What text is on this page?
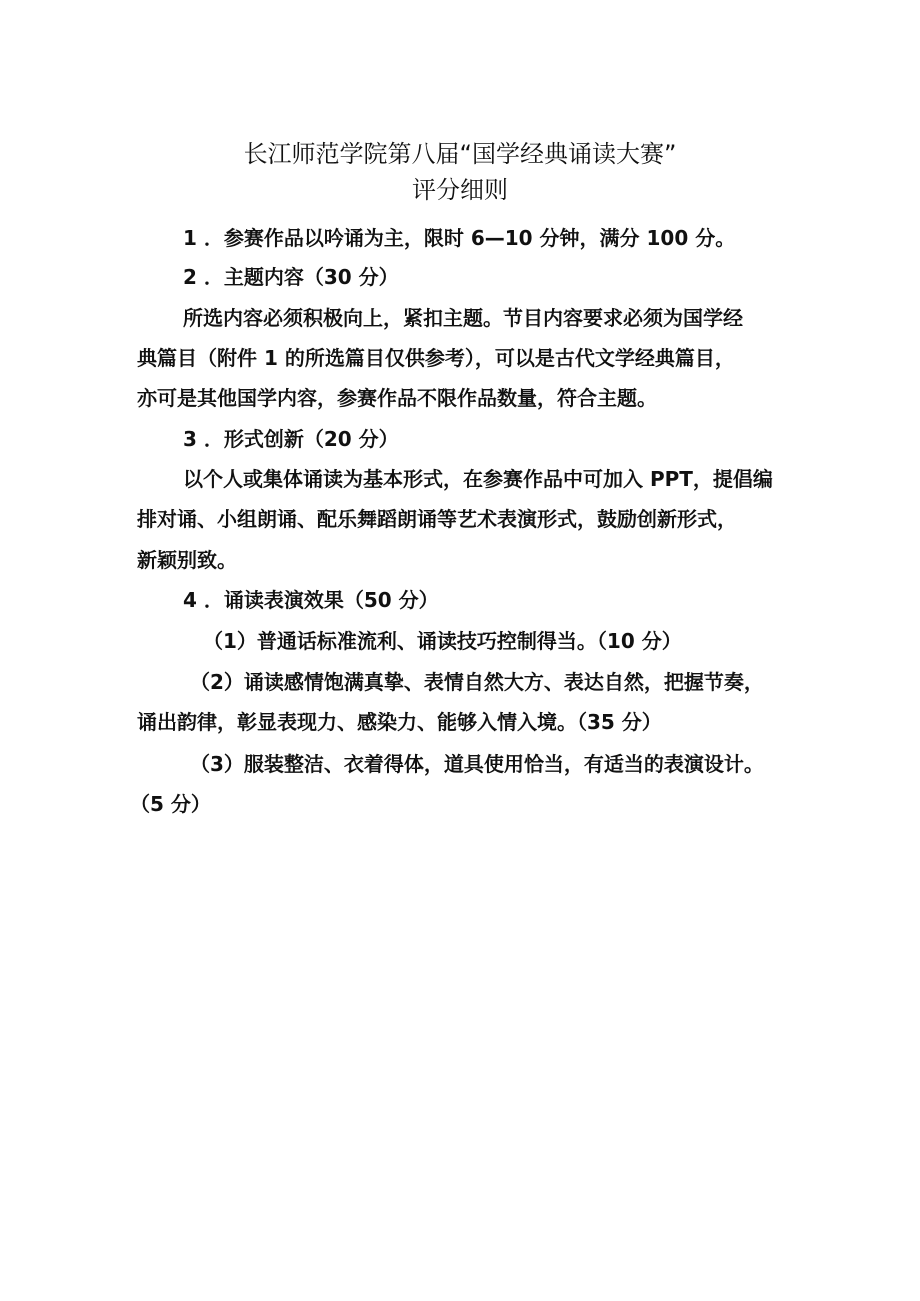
长江师范学院第八届“国学经典诵读大赛”
评分细则
1 ．参赛作品以吟诵为主，限时 6—10 分钟，满分 100 分。
2 ．主题内容（30 分）
所选内容必须积极向上，紧扣主题。节目内容要求必须为国学经
典篇目（附件 1 的所选篇目仅供参考），可以是古代文学经典篇目，
亦可是其他国学内容，参赛作品不限作品数量，符合主题。
3 ．形式创新（20 分）
以个人或集体诵读为基本形式，在参赛作品中可加入 PPT，提倡编
排对诵、小组朗诵、配乐舞蹈朗诵等艺术表演形式，鼓励创新形式，
新颖别致。
4 ．诵读表演效果（50 分）
（1）普通话标准流利、诵读技巧控制得当。（10 分）
（2）诵读感情饱满真挚、表情自然大方、表达自然，把握节奏，
诵出韵律，彰显表现力、感染力、能够入情入境。（35 分）
（3）服装整洁、衣着得体，道具使用恰当，有适当的表演设计。
（5 分）
